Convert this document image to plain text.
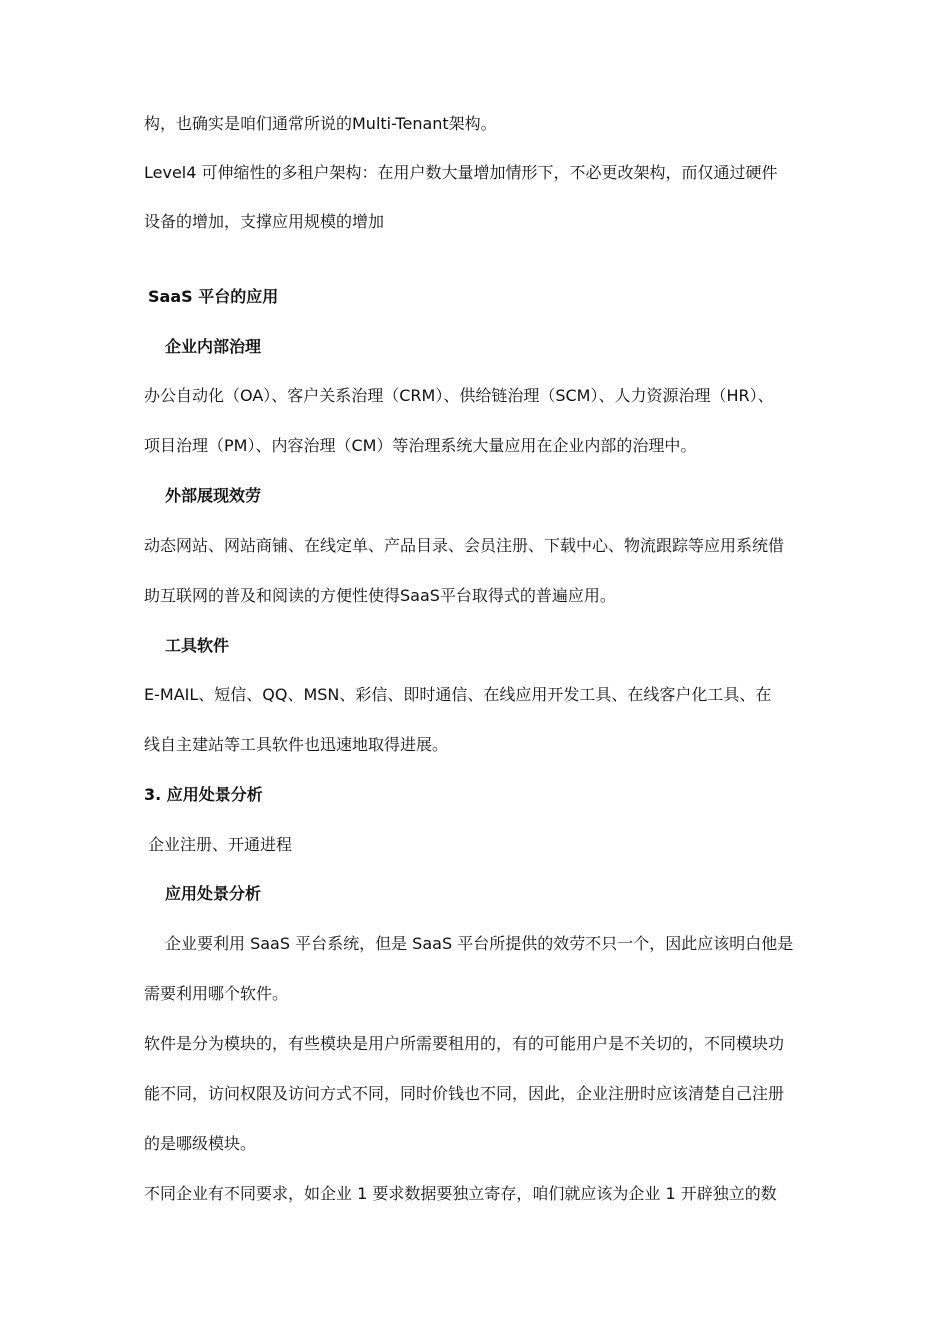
构，也确实是咱们通常所说的Multi-Tenant架构。
Level4 可伸缩性的多租户架构：在用户数大量增加情形下，不必更改架构，而仅通过硬件
设备的增加，支撑应用规模的增加
SaaS 平台的应用
企业内部治理
办公自动化（OA）、客户关系治理（CRM）、供给链治理（SCM）、人力资源治理（HR）、
项目治理（PM）、内容治理（CM）等治理系统大量应用在企业内部的治理中。
外部展现效劳
动态网站、网站商铺、在线定单、产品目录、会员注册、下载中心、物流跟踪等应用系统借
助互联网的普及和阅读的方便性使得SaaS平台取得式的普遍应用。
工具软件
E-MAIL、短信、QQ、MSN、彩信、即时通信、在线应用开发工具、在线客户化工具、在
线自主建站等工具软件也迅速地取得进展。
3. 应用处景分析
企业注册、开通进程
应用处景分析
企业要利用 SaaS 平台系统，但是 SaaS 平台所提供的效劳不只一个，因此应该明白他是
需要利用哪个软件。
软件是分为模块的，有些模块是用户所需要租用的，有的可能用户是不关切的，不同模块功
能不同，访问权限及访问方式不同，同时价钱也不同，因此，企业注册时应该清楚自己注册
的是哪级模块。
不同企业有不同要求，如企业 1 要求数据要独立寄存，咱们就应该为企业 1 开辟独立的数
